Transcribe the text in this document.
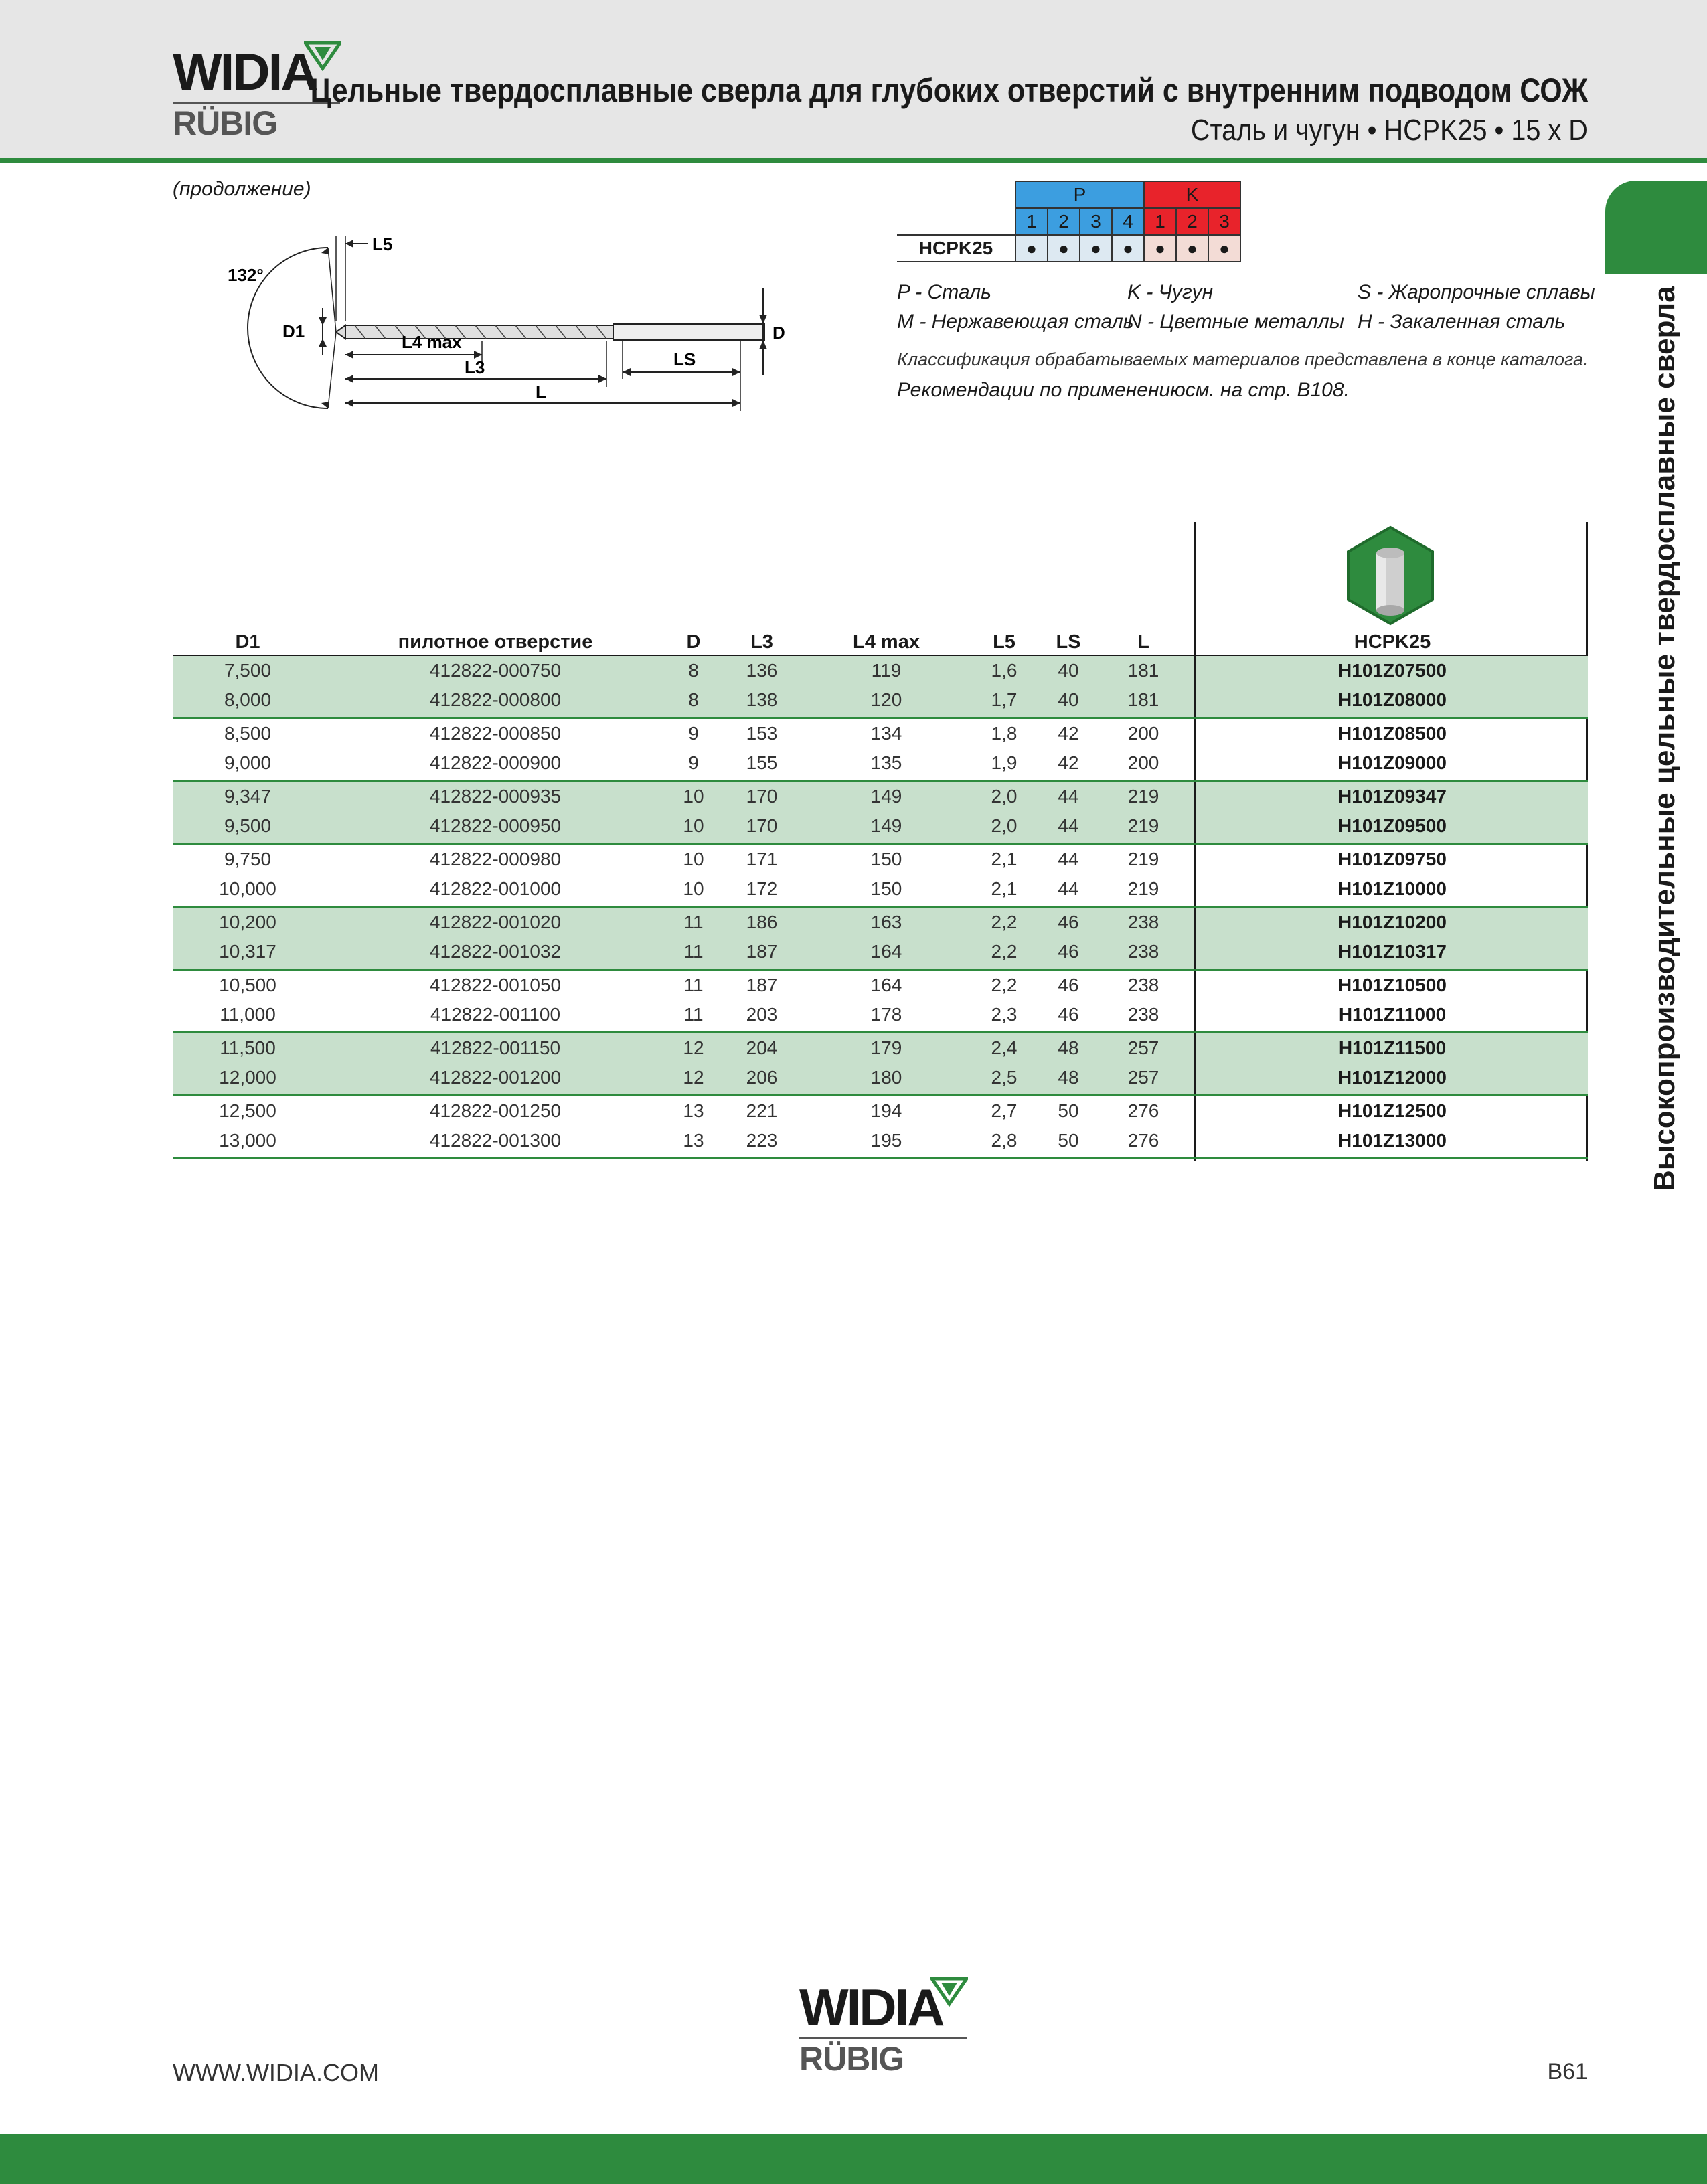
WIDIA
RÜBIG
Цельные твердосплавные сверла для глубоких отверстий с внутренним подводом СОЖ
Сталь и чугун • HCPK25 • 15 x D
Высокопроизводительные цельные твердосплавные сверла
(продолжение)
132°
D1
L5
D
L4 max
L3	LS
L
	P				K		
	1	2	3	4	1	2	3
HCPK25	●	●	●	●	●	●	●
P - Сталь	K - Чугун	S - Жаропрочные сплавы
M - Нержавеющая сталь
N - Цветные металлы H - Закаленная сталь
Классификация обрабатываемых материалов представлена в конце каталога.
Рекомендации по применениюсм. на стр. B108.
D1	пилотное отверстие	D	L3	L4 max	L5	LS	L	HCPK25
7,500	412822-000750	8	136	119	1,6	40	181	H101Z07500
8,000	412822-000800	8	138	120	1,7	40	181	H101Z08000
8,500	412822-000850	9	153	134	1,8	42	200	H101Z08500
9,000	412822-000900	9	155	135	1,9	42	200	H101Z09000
9,347	412822-000935	10	170	149	2,0	44	219	H101Z09347
9,500	412822-000950	10	170	149	2,0	44	219	H101Z09500
9,750	412822-000980	10	171	150	2,1	44	219	H101Z09750
10,000	412822-001000	10	172	150	2,1	44	219	H101Z10000
10,200	412822-001020	11	186	163	2,2	46	238	H101Z10200
10,317	412822-001032	11	187	164	2,2	46	238	H101Z10317
10,500	412822-001050	11	187	164	2,2	46	238	H101Z10500
11,000	412822-001100	11	203	178	2,3	46	238	H101Z11000
11,500	412822-001150	12	204	179	2,4	48	257	H101Z11500
12,000	412822-001200	12	206	180	2,5	48	257	H101Z12000
12,500	412822-001250	13	221	194	2,7	50	276	H101Z12500
13,000	412822-001300	13	223	195	2,8	50	276	H101Z13000
WWW.WIDIA.COM
WIDIA
RÜBIG	B61
